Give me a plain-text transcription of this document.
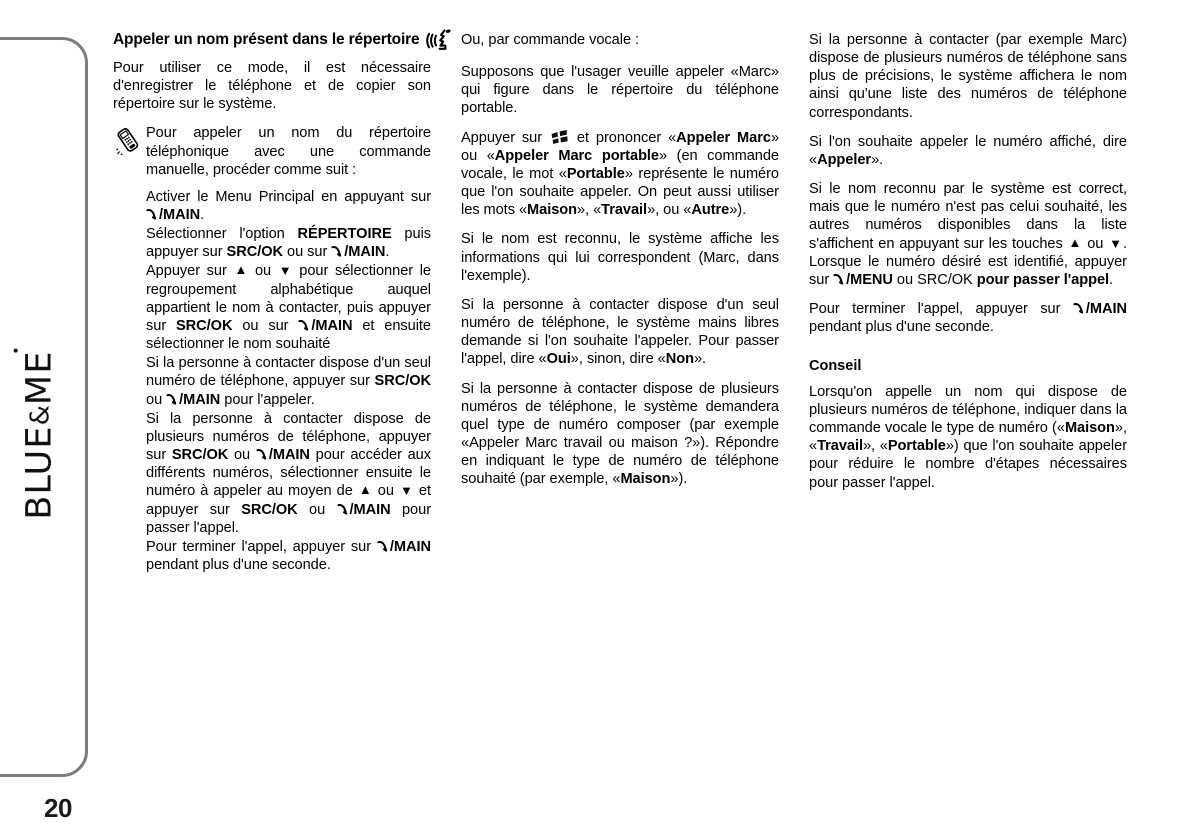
BLUE&ME
20
Appeler un nom présent dans le répertoire

Pour utiliser ce mode, il est nécessaire d'enregistrer le téléphone et de copier son répertoire sur le système.

Pour appeler un nom du répertoire téléphonique avec une commande manuelle, procéder comme suit :

Activer le Menu Principal en appuyant sur
/MAIN.

Sélectionner l'option RÉPERTOIRE puis appuyer sur SRC/OK ou sur
/MAIN.

Appuyer sur ▲ ou ▼ pour sélectionner le regroupement alphabétique auquel appartient le nom à contacter, puis appuyer sur SRC/OK ou sur
/MAIN et ensuite sélectionner le nom souhaité

Si la personne à contacter dispose d'un seul numéro de téléphone, appuyer sur SRC/OK ou
/MAIN pour l'appeler.

Si la personne à contacter dispose de plusieurs numéros de téléphone, appuyer sur SRC/OK ou
/MAIN pour accéder aux différents numéros, sélectionner ensuite le numéro à appeler au moyen de ▲ ou ▼ et appuyer sur SRC/OK ou
/MAIN pour passer l'appel.

Pour terminer l'appel, appuyer sur
/MAIN pendant plus d'une seconde.

Ou, par commande vocale :

Supposons que l'usager veuille appeler «Marc» qui figure dans le répertoire du téléphone portable.

Appuyer sur
et prononcer «Appeler Marc» ou «Appeler Marc portable» (en commande vocale, le mot «Portable» représente le numéro que l'on souhaite appeler. On peut aussi utiliser les mots «Maison», «Travail», ou «Autre»).

Si le nom est reconnu, le système affiche les informations qui lui correspondent (Marc, dans l'exemple).

Si la personne à contacter dispose d'un seul numéro de téléphone, le système mains libres demande si l'on souhaite l'appeler. Pour passer l'appel, dire «Oui», sinon, dire «Non».

Si la personne à contacter dispose de plusieurs numéros de téléphone, le système demandera quel type de numéro composer (par exemple «Appeler Marc travail ou maison ?»). Répondre en indiquant le type de numéro de téléphone souhaité (par exemple, «Maison»).

Si la personne à contacter (par exemple Marc) dispose de plusieurs numéros de téléphone sans plus de précisions, le système affichera le nom ainsi qu'une liste des numéros de téléphone correspondants.

Si l'on souhaite appeler le numéro affiché, dire «Appeler».

Si le nom reconnu par le système est correct, mais que le numéro n'est pas celui souhaité, les autres numéros disponibles dans la liste s'affichent en appuyant sur les touches ▲ ou ▼. Lorsque le numéro désiré est identifié, appuyer sur
/MENU ou SRC/OK pour passer l'appel.

Pour terminer l'appel, appuyer sur
/MAIN pendant plus d'une seconde.

Conseil

Lorsqu'on appelle un nom qui dispose de plusieurs numéros de téléphone, indiquer dans la commande vocale le type de numéro («Maison», «Travail», «Portable») que l'on souhaite appeler pour réduire le nombre d'étapes nécessaires pour passer l'appel.
